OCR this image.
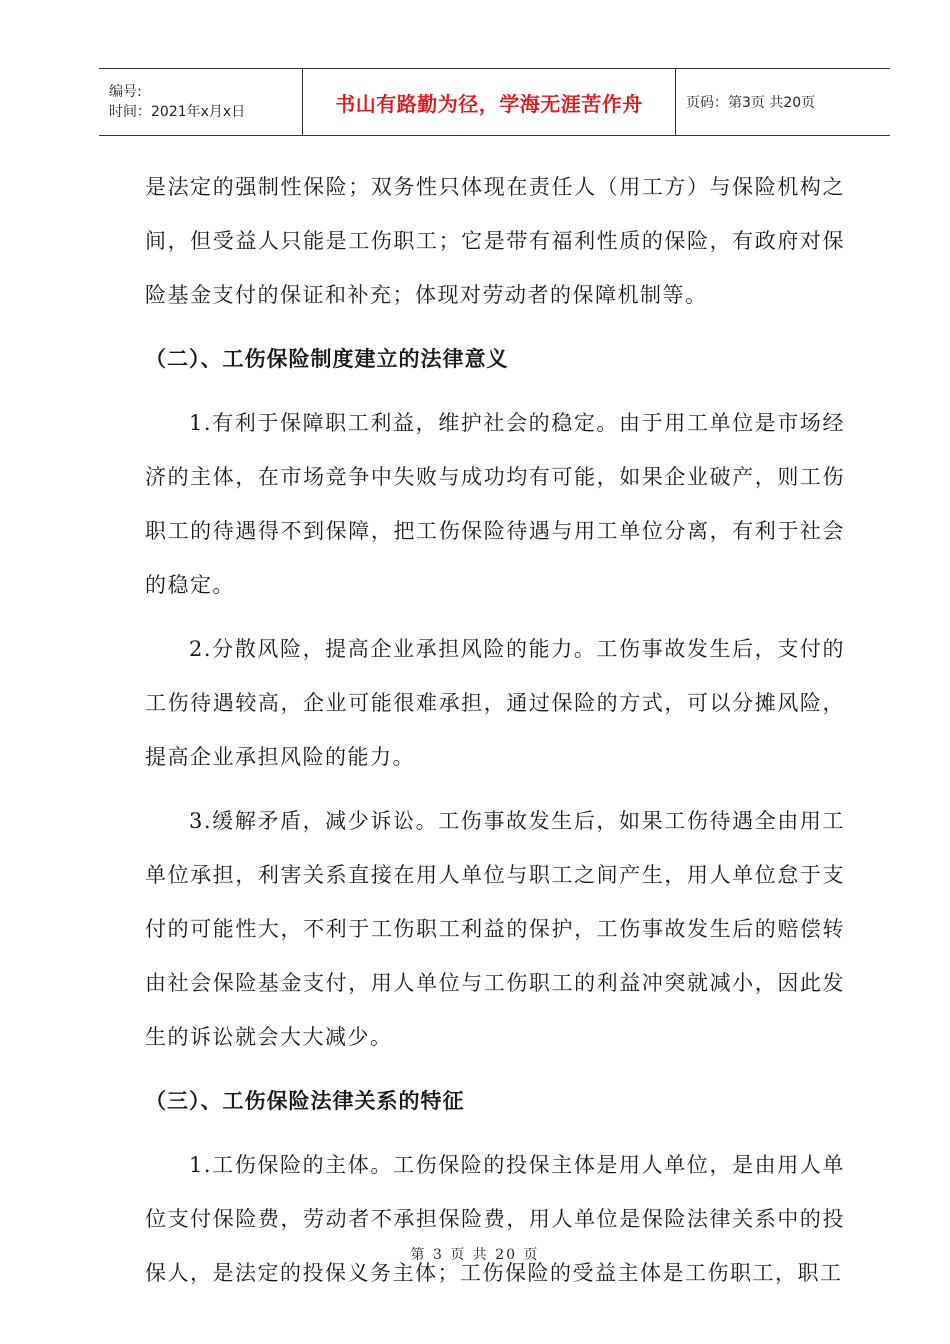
编号:
时间：2021年x月x日	书山有路勤为径，学海无涯苦作舟	页码：第3页 共20页

是法定的强制性保险；双务性只体现在责任人（用工方）与保险机构之间，但受益人只能是工伤职工；它是带有福利性质的保险，有政府对保险基金支付的保证和补充；体现对劳动者的保障机制等。

（二）、工伤保险制度建立的法律意义

1.有利于保障职工利益，维护社会的稳定。由于用工单位是市场经济的主体，在市场竞争中失败与成功均有可能，如果企业破产，则工伤职工的待遇得不到保障，把工伤保险待遇与用工单位分离，有利于社会的稳定。

2.分散风险，提高企业承担风险的能力。工伤事故发生后，支付的工伤待遇较高，企业可能很难承担，通过保险的方式，可以分摊风险，提高企业承担风险的能力。

3.缓解矛盾，减少诉讼。工伤事故发生后，如果工伤待遇全由用工单位承担，利害关系直接在用人单位与职工之间产生，用人单位怠于支付的可能性大，不利于工伤职工利益的保护，工伤事故发生后的赔偿转由社会保险基金支付，用人单位与工伤职工的利益冲突就减小，因此发生的诉讼就会大大减少。

（三）、工伤保险法律关系的特征

1.工伤保险的主体。工伤保险的投保主体是用人单位，是由用人单位支付保险费，劳动者不承担保险费，用人单位是保险法律关系中的投保人，是法定的投保义务主体；工伤保险的受益主体是工伤职工，职工

第 3 页 共 20 页
